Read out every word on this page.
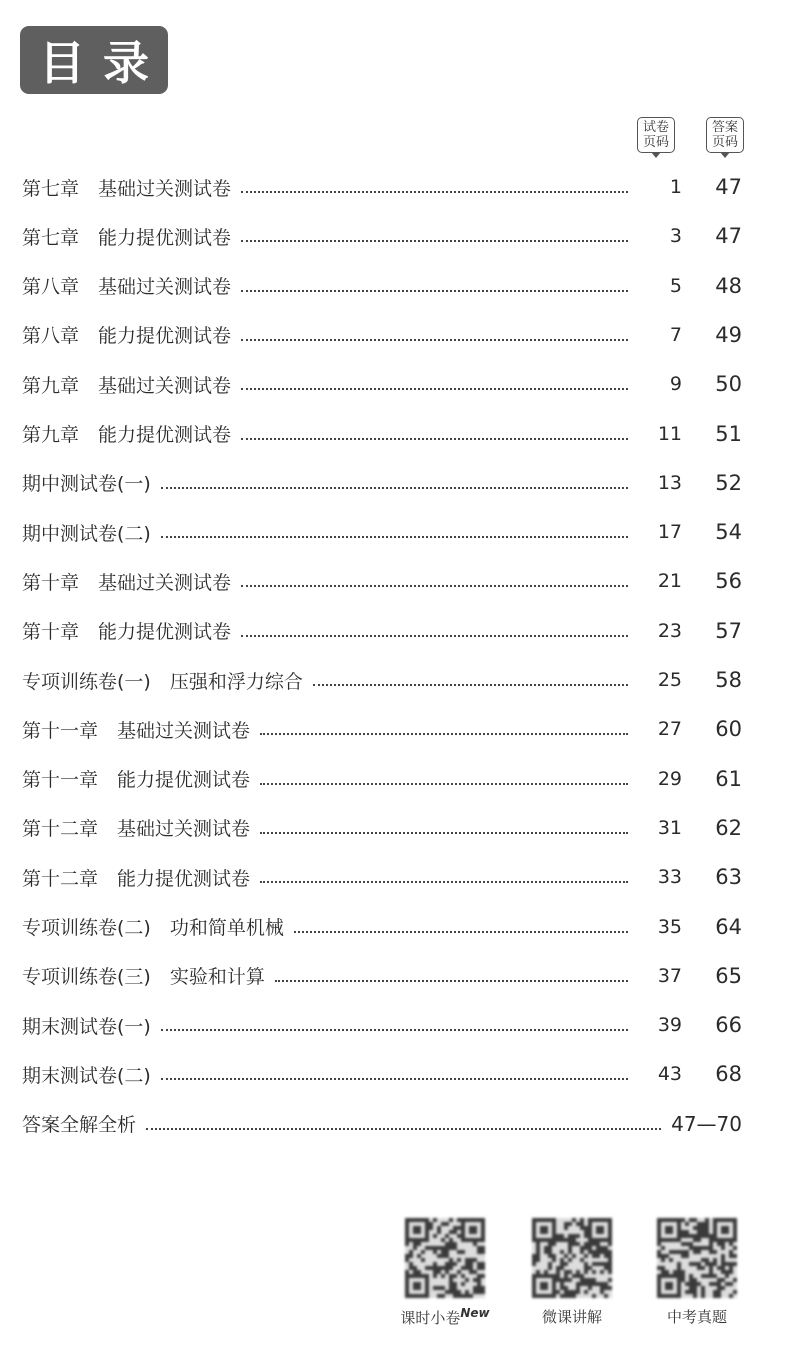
目录
试卷
页码
答案
页码
第七章　基础过关测试卷	1	47
第七章　能力提优测试卷	3	47
第八章　基础过关测试卷	5	48
第八章　能力提优测试卷	7	49
第九章　基础过关测试卷	9	50
第九章　能力提优测试卷	11	51
期中测试卷(一)	13	52
期中测试卷(二)	17	54
第十章　基础过关测试卷	21	56
第十章　能力提优测试卷	23	57
专项训练卷(一)　压强和浮力综合	25	58
第十一章　基础过关测试卷	27	60
第十一章　能力提优测试卷	29	61
第十二章　基础过关测试卷	31	62
第十二章　能力提优测试卷	33	63
专项训练卷(二)　功和简单机械	35	64
专项训练卷(三)　实验和计算	37	65
期末测试卷(一)	39	66
期末测试卷(二)	43	68
答案全解全析	47—70
课时小卷$^{New}$	微课讲解	中考真题
